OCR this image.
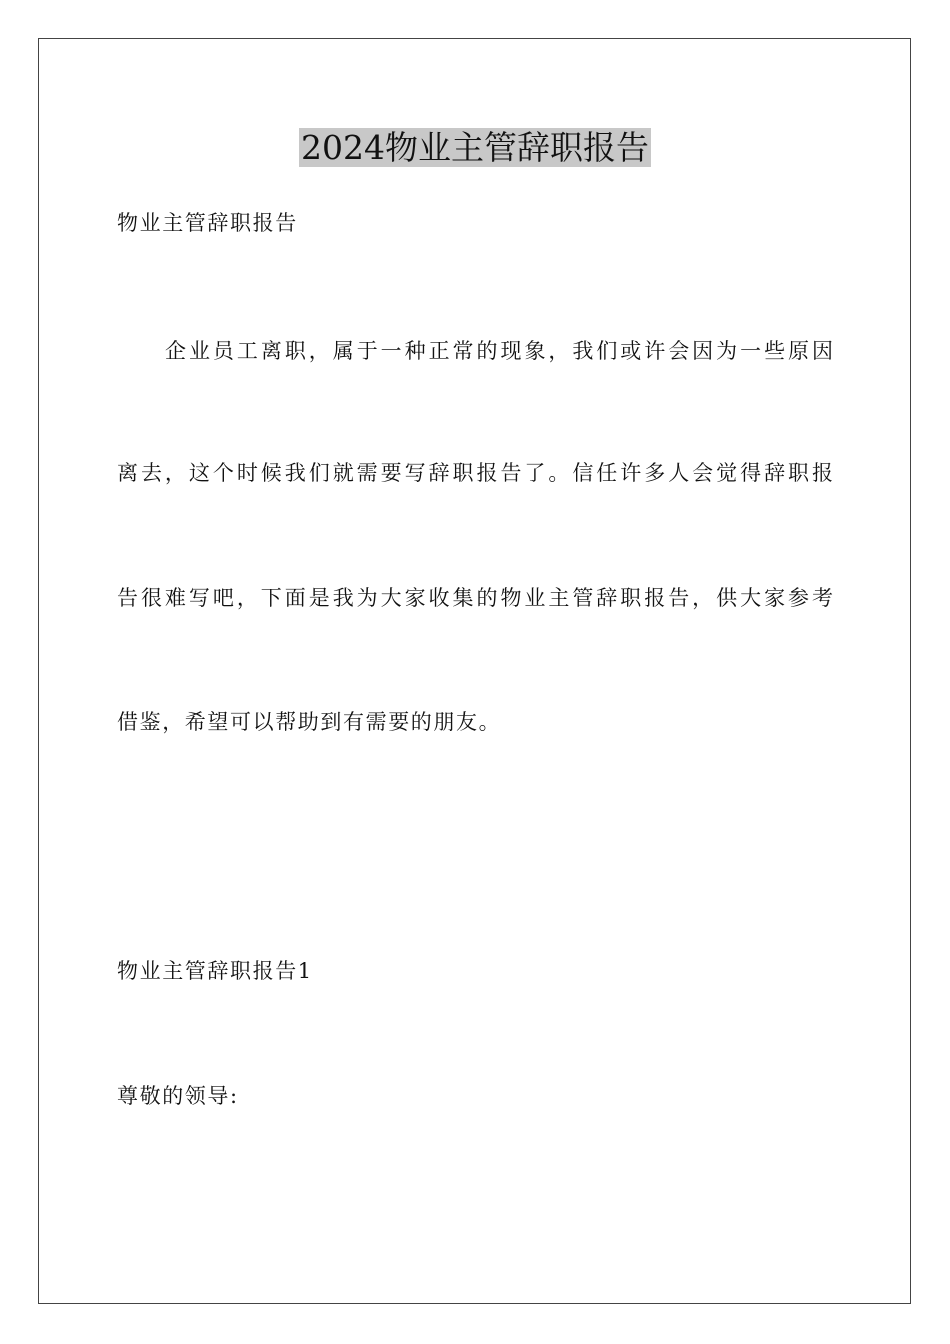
2024物业主管辞职报告

物业主管辞职报告

企业员工离职，属于一种正常的现象，我们或许会因为一些原因

离去，这个时候我们就需要写辞职报告了。信任许多人会觉得辞职报

告很难写吧，下面是我为大家收集的物业主管辞职报告，供大家参考

借鉴，希望可以帮助到有需要的朋友。

物业主管辞职报告1

尊敬的领导:
